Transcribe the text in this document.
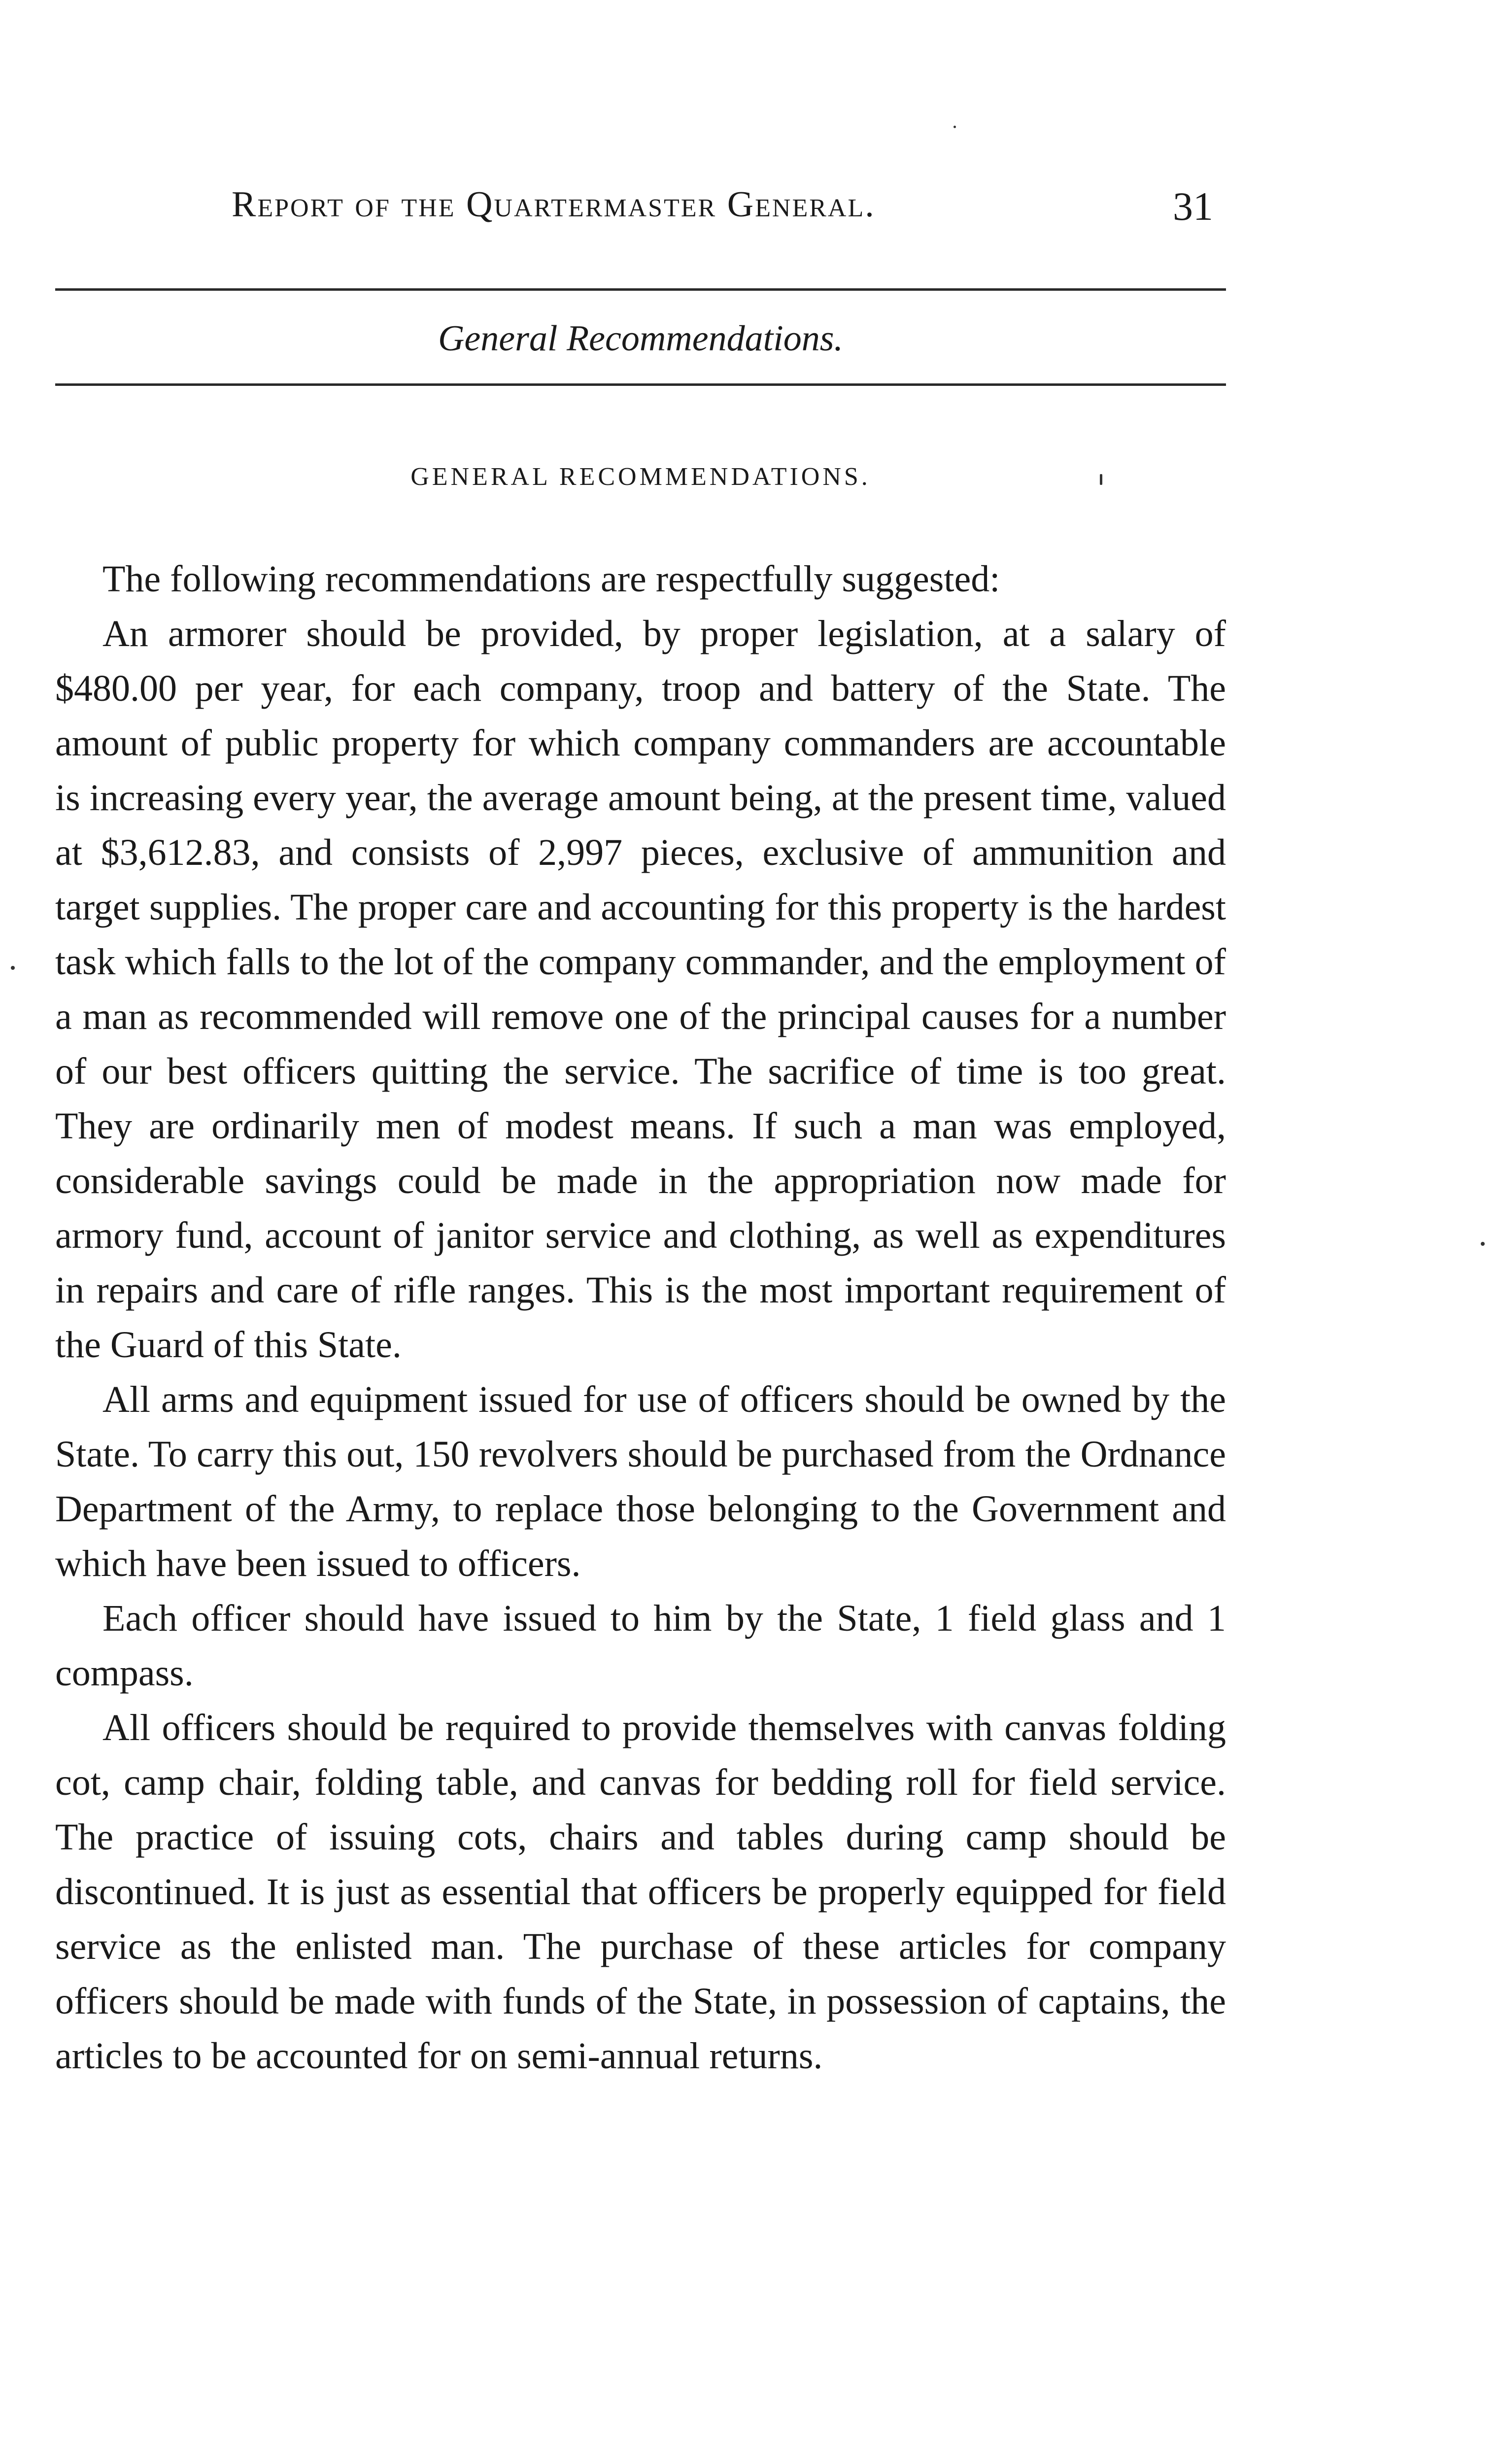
Report of the Quartermaster General.	31
General Recommendations.
GENERAL RECOMMENDATIONS.

The following recommendations are respectfully suggested:

An armorer should be provided, by proper legislation, at a salary of $480.00 per year, for each company, troop and battery of the State. The amount of public property for which company commanders are accountable is increasing every year, the average amount being, at the present time, valued at $3,612.83, and consists of 2,997 pieces, exclusive of ammunition and target supplies. The proper care and accounting for this property is the hardest task which falls to the lot of the company commander, and the employment of a man as recommended will remove one of the principal causes for a number of our best officers quitting the service. The sacrifice of time is too great. They are ordinarily men of modest means. If such a man was employed, considerable savings could be made in the appropriation now made for armory fund, account of janitor service and clothing, as well as expenditures in repairs and care of rifle ranges. This is the most important requirement of the Guard of this State.

All arms and equipment issued for use of officers should be owned by the State. To carry this out, 150 revolvers should be purchased from the Ordnance Department of the Army, to replace those belonging to the Government and which have been issued to officers.

Each officer should have issued to him by the State, 1 field glass and 1 compass.

All officers should be required to provide themselves with canvas folding cot, camp chair, folding table, and canvas for bedding roll for field service. The practice of issuing cots, chairs and tables during camp should be discontinued. It is just as essential that officers be properly equipped for field service as the enlisted man. The purchase of these articles for company officers should be made with funds of the State, in possession of captains, the articles to be accounted for on semi-annual returns.
